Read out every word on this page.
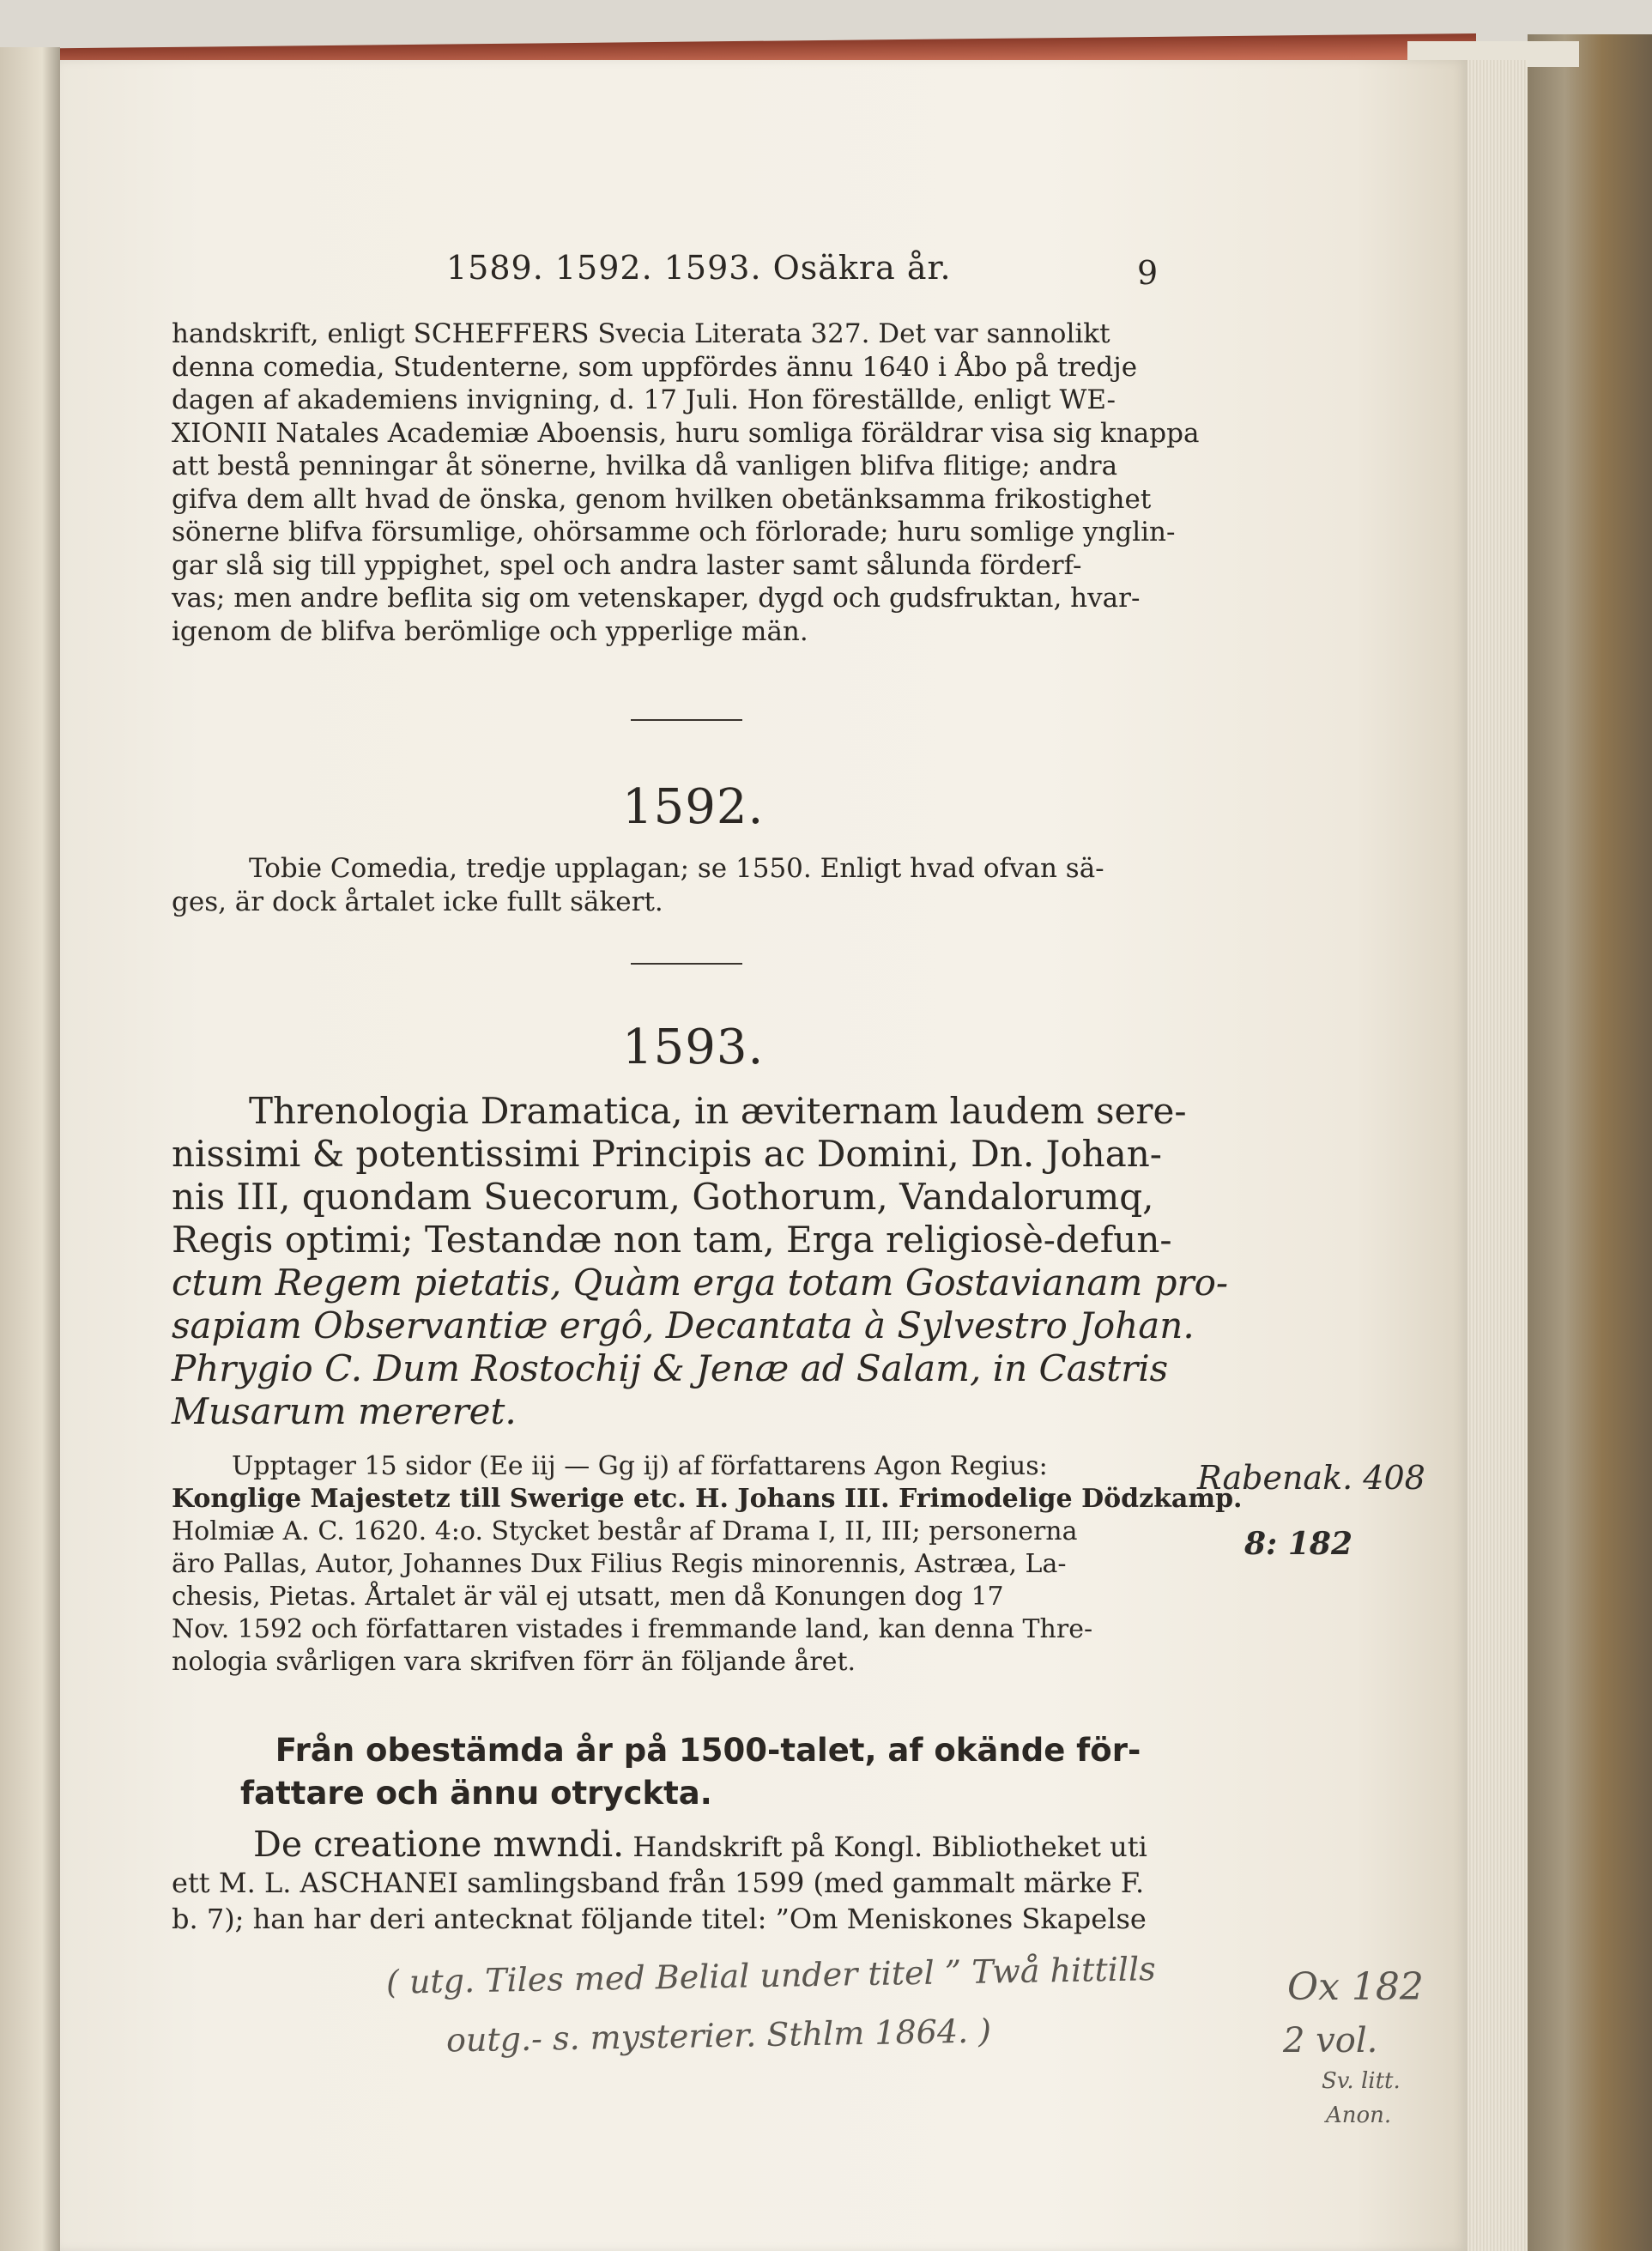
1589. 1592. 1593. Osäkra år.	9
handskrift, enligt SCHEFFERS Svecia Literata 327. Det var sannolikt
denna comedia, Studenterne, som uppfördes ännu 1640 i Åbo på tredje
dagen af akademiens invigning, d. 17 Juli. Hon föreställde, enligt WE-
XIONII Natales Academiæ Aboensis, huru somliga föräldrar visa sig knappa
att bestå penningar åt sönerne, hvilka då vanligen blifva flitige; andra
gifva dem allt hvad de önska, genom hvilken obetänksamma frikostighet
sönerne blifva försumlige, ohörsamme och förlorade; huru somlige ynglin-
gar slå sig till yppighet, spel och andra laster samt sålunda förderf-
vas; men andre beflita sig om vetenskaper, dygd och gudsfruktan, hvar-
igenom de blifva berömlige och ypperlige män.
1592.
Tobie Comedia, tredje upplagan; se 1550. Enligt hvad ofvan sä-
ges, är dock årtalet icke fullt säkert.
1593.
Threnologia Dramatica, in æviternam laudem sere-
nissimi & potentissimi Principis ac Domini, Dn. Johan-
nis III, quondam Suecorum, Gothorum, Vandalorumq,
Regis optimi; Testandæ non tam, Erga religiosè-defun-
ctum Regem pietatis, Quàm erga totam Gostavianam pro-
sapiam Observantiæ ergô, Decantata à Sylvestro Johan.
Phrygio C. Dum Rostochij & Jenæ ad Salam, in Castris
Musarum mereret.
Upptager 15 sidor (Ee iij — Gg ij) af författarens Agon Regius:
Konglige Majestetz till Swerige etc. H. Johans III. Frimodelige Dödzkamp.
Holmiæ A. C. 1620. 4:o. Stycket består af Drama I, II, III; personerna
äro Pallas, Autor, Johannes Dux Filius Regis minorennis, Astræa, La-
chesis, Pietas. Årtalet är väl ej utsatt, men då Konungen dog 17
Nov. 1592 och författaren vistades i fremmande land, kan denna Thre-
nologia svårligen vara skrifven förr än följande året.
Rabenak. 408
8: 182
Från obestämda år på 1500-talet, af okände för-
fattare och ännu otryckta.
De creatione mwndi. Handskrift på Kongl. Bibliotheket uti
ett M. L. ASCHANEI samlingsband från 1599 (med gammalt märke F.
b. 7); han har deri antecknat följande titel: ”Om Meniskones Skapelse
( utg. Tiles med Belial under titel ” Twå hittills
outg.- s. mysterier. Sthlm 1864. )
Ox 182
2 vol.
Sv. litt.
Anon.
